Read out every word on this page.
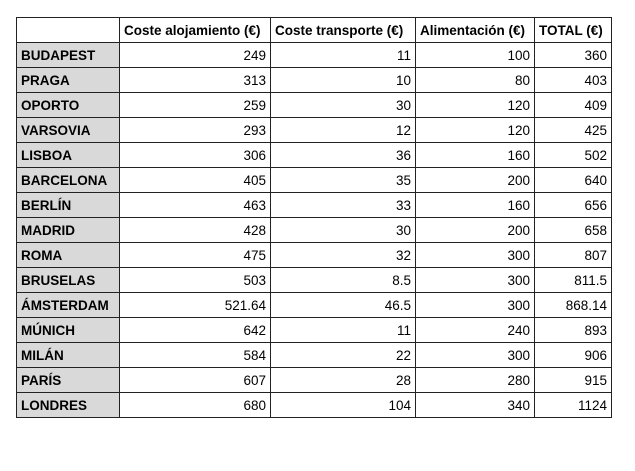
	Coste alojamiento (€)	Coste transporte (€)	Alimentación (€)	TOTAL (€)
BUDAPEST	249	11	100	360
PRAGA	313	10	80	403
OPORTO	259	30	120	409
VARSOVIA	293	12	120	425
LISBOA	306	36	160	502
BARCELONA	405	35	200	640
BERLÍN	463	33	160	656
MADRID	428	30	200	658
ROMA	475	32	300	807
BRUSELAS	503	8.5	300	811.5
ÁMSTERDAM	521.64	46.5	300	868.14
MÚNICH	642	11	240	893
MILÁN	584	22	300	906
PARÍS	607	28	280	915
LONDRES	680	104	340	1124
